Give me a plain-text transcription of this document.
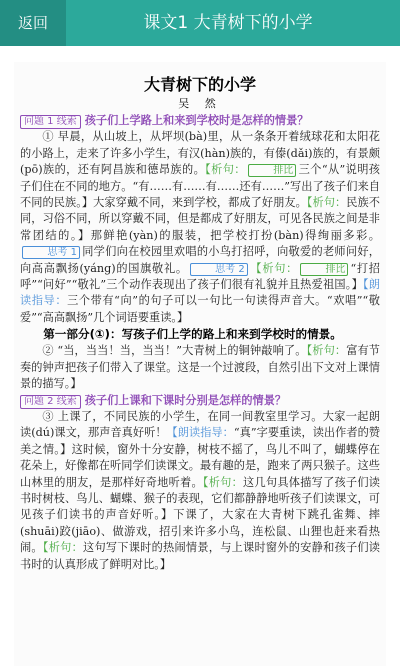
返回	课文1 大青树下的小学
大青树下的小学
吴 然
问题 1 线索 孩子们上学路上和来到学校时是怎样的情景？
① 早晨，从山坡上，从坪坝(bà)里，从一条条开着绒球花和太阳花的小路上，走来了许多小学生，有汉(hàn)族的，有傣(dǎi)族的，有景颇(pō)族的，还有阿昌族和德昂族的。【析句：	排比 三个“从”说明孩子们住在不同的地方。“有……有……有……还有……”写出了孩子们来自不同的民族。】大家穿戴不同，来到学校，都成了好朋友。【析句：民族不同，习俗不同，所以穿戴不同，但是都成了好朋友，可见各民族之间是非常团结的。】那鲜艳(yàn)的服装，把学校打扮(bàn)得绚丽多彩。思考 1 同学们向在校园里欢唱的小鸟打招呼，向敬爱的老师问好，向高高飘扬(yáng)的国旗敬礼。	思考 2 【析句：	排比 “打招呼”“问好”“敬礼”三个动作表现出了孩子们很有礼貌并且热爱祖国。】【朗读指导：三个带有“向”的句子可以一句比一句读得声音大。“欢唱”“敬爱”“高高飘扬”几个词语要重读。】
第一部分(①)：写孩子们上学的路上和来到学校时的情景。
② “当，当当！当，当当！”大青树上的铜钟敲响了。【析句：富有节奏的钟声把孩子们带入了课堂。这是一个过渡段，自然引出下文对上课情景的描写。】
问题 2 线索 孩子们上课和下课时分别是怎样的情景？
③ 上课了，不同民族的小学生，在同一间教室里学习。大家一起朗读(dú)课文，那声音真好听！【朗读指导：“真”字要重读，读出作者的赞美之情。】这时候，窗外十分安静，树枝不摇了，鸟儿不叫了，蝴蝶停在花朵上，好像都在听同学们读课文。最有趣的是，跑来了两只猴子。这些山林里的朋友，是那样好奇地听着。【析句：这几句具体描写了孩子们读书时树枝、鸟儿、蝴蝶、猴子的表现，它们都静静地听孩子们读课文，可见孩子们读书的声音好听。】下课了，大家在大青树下跳孔雀舞、摔(shuāi)跤(jiāo)、做游戏，招引来许多小鸟，连松鼠、山狸也赶来看热闹。【析句：这句写下课时的热闹情景，与上课时窗外的安静和孩子们读书时的认真形成了鲜明对比。】
